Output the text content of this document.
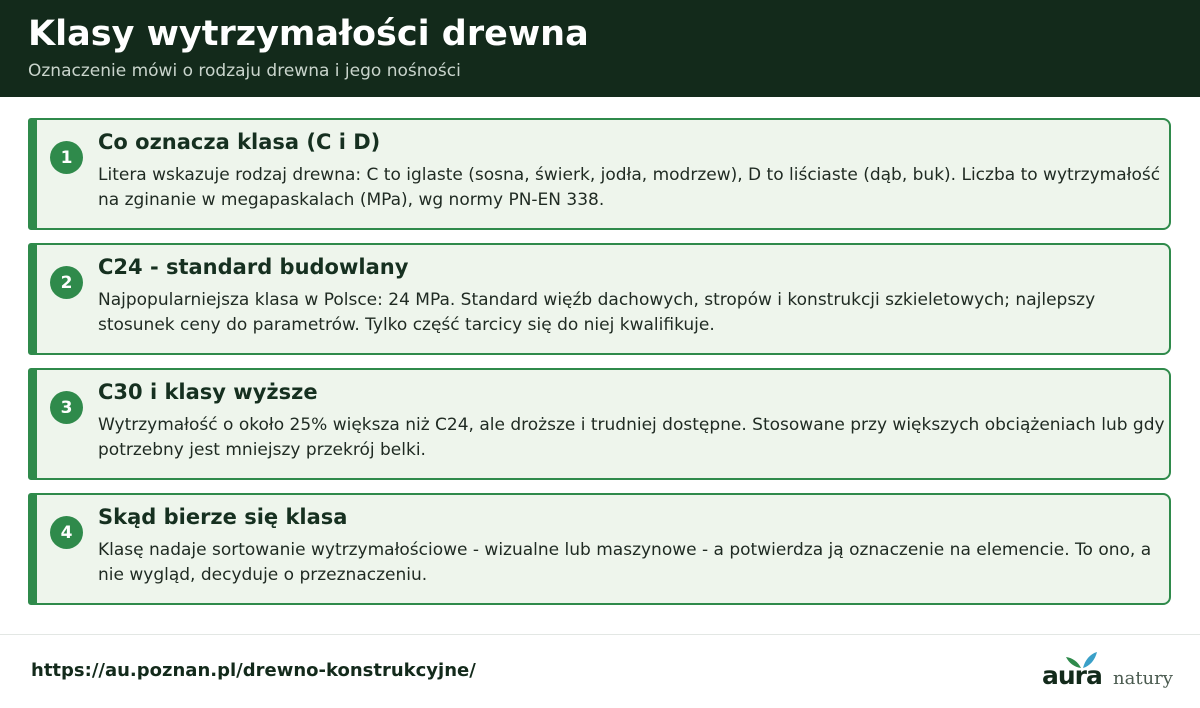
Klasy wytrzymałości drewna
Oznaczenie mówi o rodzaju drewna i jego nośności
1
Co oznacza klasa (C i D)
Litera wskazuje rodzaj drewna: C to iglaste (sosna, świerk, jodła, modrzew), D to liściaste (dąb, buk). Liczba to wytrzymałość na zginanie w megapaskalach (MPa), wg normy PN-EN 338.
2
C24 - standard budowlany
Najpopularniejsza klasa w Polsce: 24 MPa. Standard więźb dachowych, stropów i konstrukcji szkieletowych; najlepszy stosunek ceny do parametrów. Tylko część tarcicy się do niej kwalifikuje.
3
C30 i klasy wyższe
Wytrzymałość o około 25% większa niż C24, ale droższe i trudniej dostępne. Stosowane przy większych obciążeniach lub gdy potrzebny jest mniejszy przekrój belki.
4
Skąd bierze się klasa
Klasę nadaje sortowanie wytrzymałościowe - wizualne lub maszynowe - a potwierdza ją oznaczenie na elemencie. To ono, a nie wygląd, decyduje o przeznaczeniu.
https://au.poznan.pl/drewno-konstrukcyjne/	aura natury
